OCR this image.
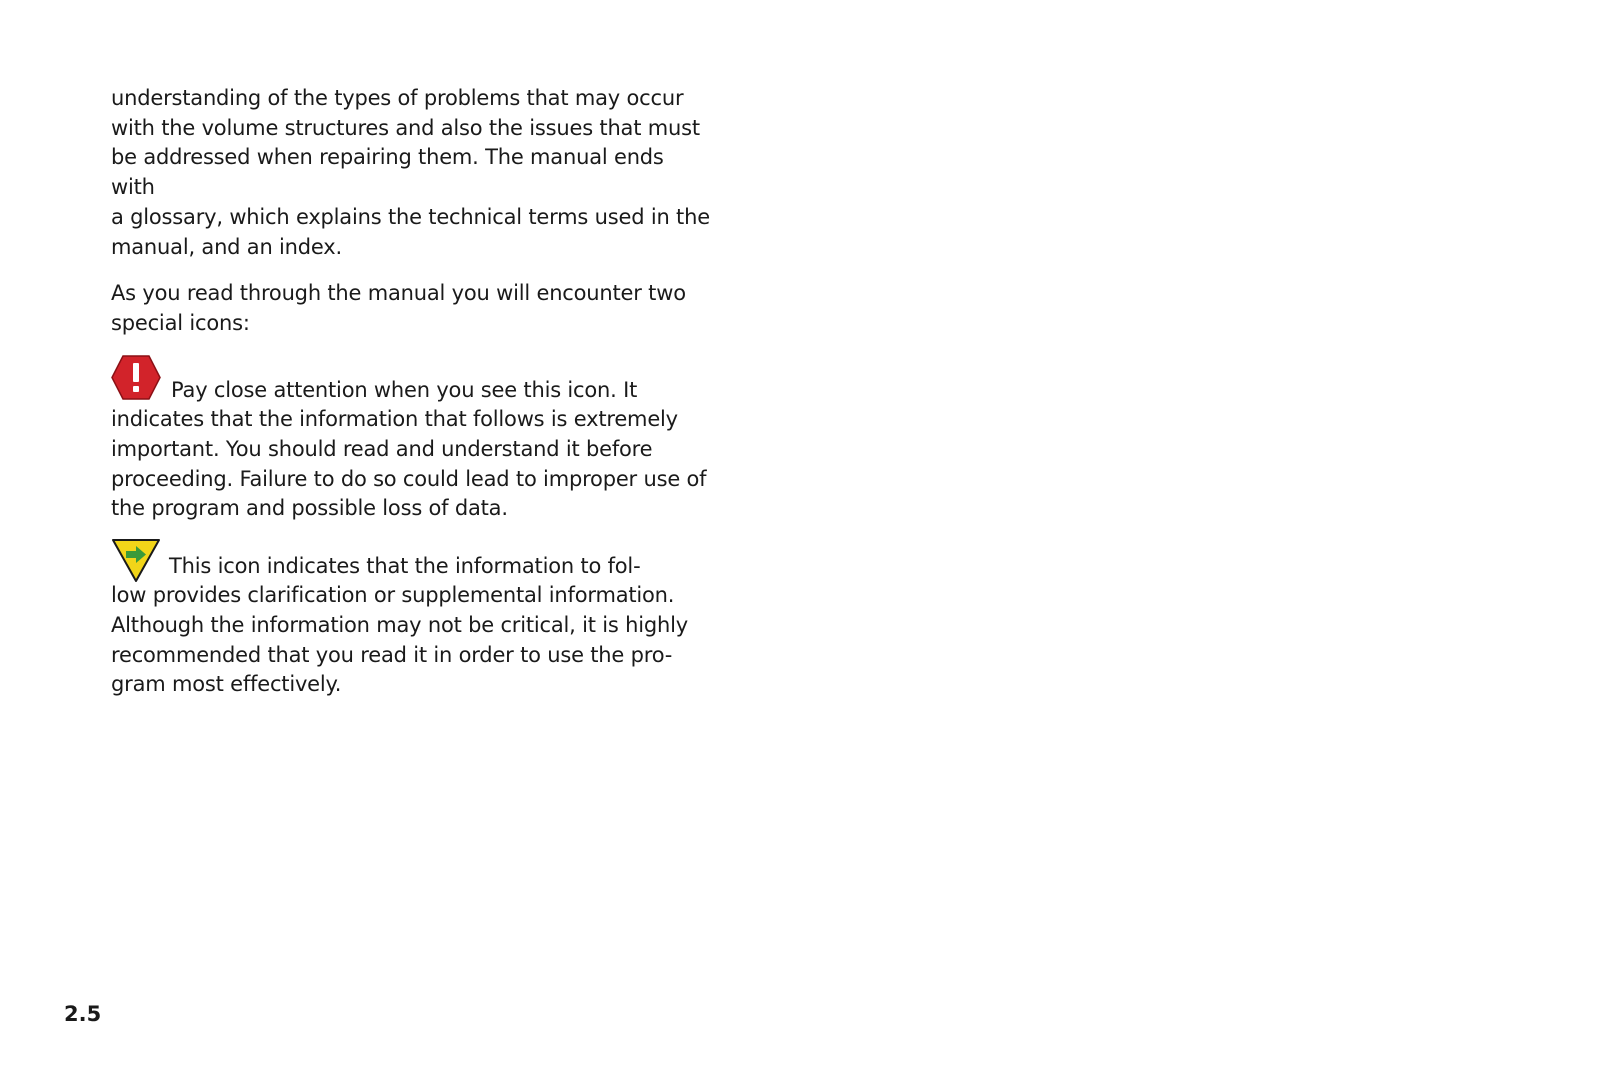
understanding of the types of problems that may occur
with the volume structures and also the issues that must
be addressed when repairing them. The manual ends with
a glossary, which explains the technical terms used in the
manual, and an index.

As you read through the manual you will encounter two
special icons:

Pay close attention when you see this icon. It
indicates that the information that follows is extremely
important. You should read and understand it before
proceeding. Failure to do so could lead to improper use of
the program and possible loss of data.
This icon indicates that the information to fol-
low provides clarification or supplemental information.
Although the information may not be critical, it is highly
recommended that you read it in order to use the pro-
gram most effectively.
2.5
